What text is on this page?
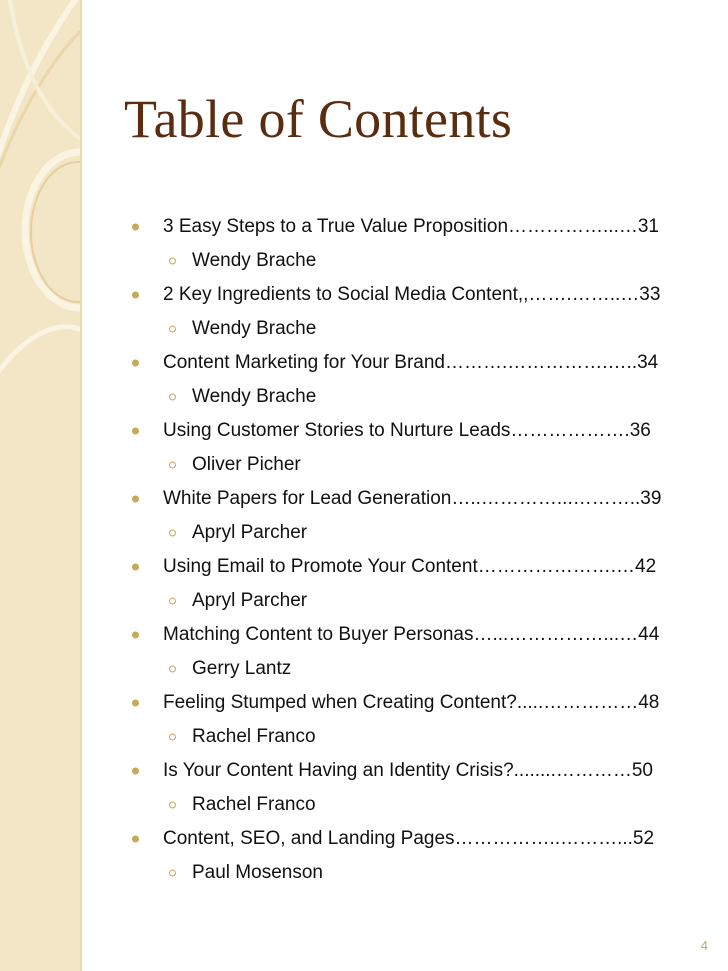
Table of Contents
3 Easy Steps to a True Value Proposition……………...…31
Wendy Brache
2 Key Ingredients to Social Media Content,,…….……..…33
Wendy Brache
Content Marketing for Your Brand……….…………….…..34
Wendy Brache
Using Customer Stories to Nurture Leads……………….36
Oliver Picher
White Papers for Lead Generation…..…………...………..39
Apryl Parcher
Using Email to Promote Your Content………………….…42
Apryl Parcher
Matching Content to Buyer Personas…...……………...…44
Gerry Lantz
Feeling Stumped when Creating Content?.....……………48
Rachel Franco
Is Your Content Having an Identity Crisis?........…………50
Rachel Franco
Content, SEO, and Landing Pages……………..………...52
Paul Mosenson
4
